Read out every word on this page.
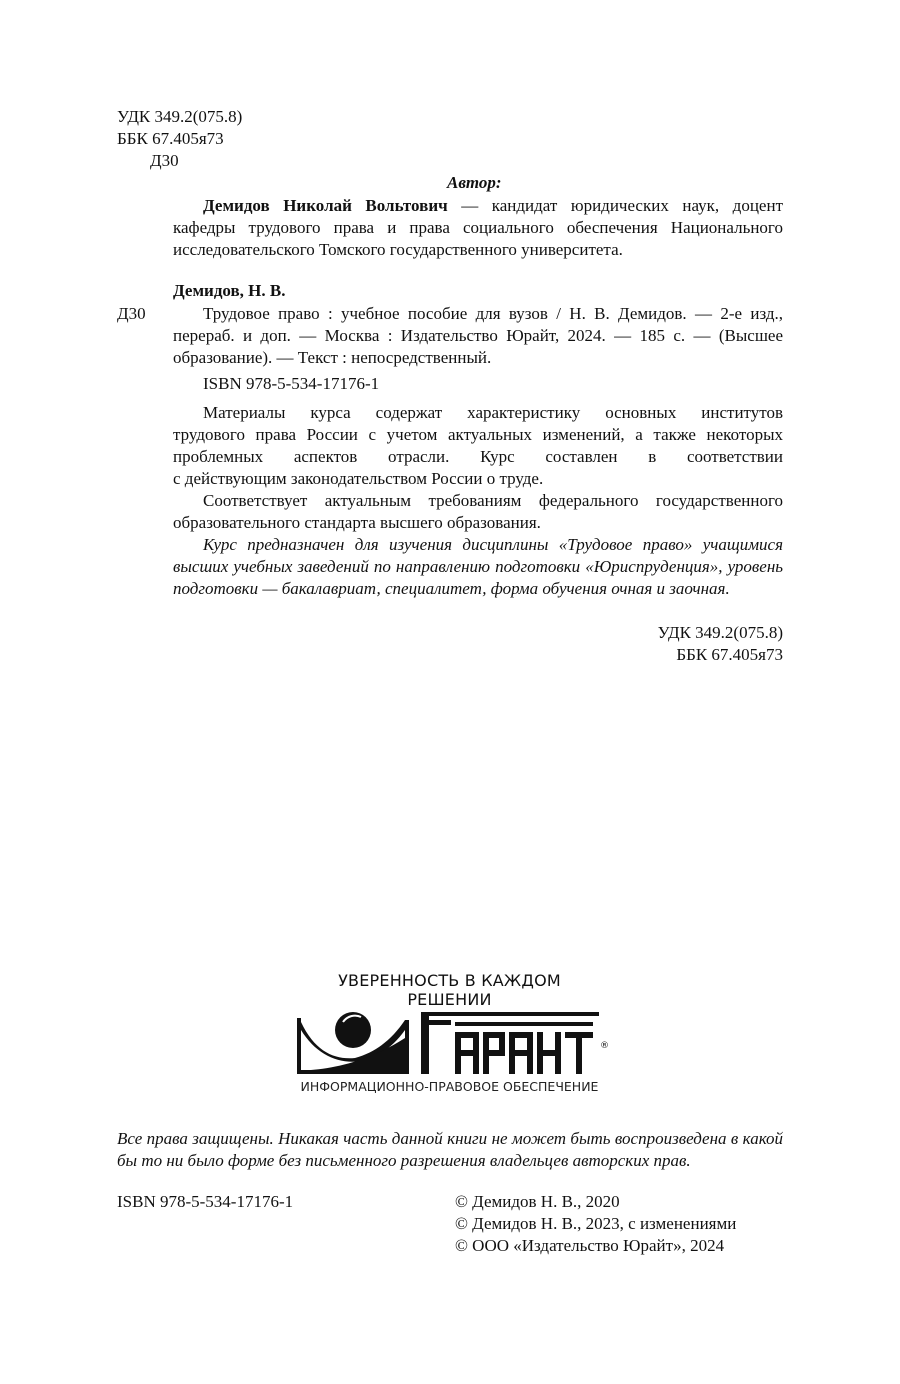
УДК 349.2(075.8)
ББК 67.405я73
Д30
Автор:
Демидов Николай Вольтович — кандидат юридических наук, доцент кафедры трудового права и права социального обеспечения Национального исследовательского Томского государственного университета.
Демидов, Н. В.
Д30	Трудовое право : учебное пособие для вузов / Н. В. Демидов. — 2-е изд., перераб. и доп. — Москва : Издательство Юрайт, 2024. — 185 с. — (Высшее образование). — Текст : непосредственный.
ISBN 978-5-534-17176-1
Материалы курса содержат характеристику основных институтов
трудового права России с учетом актуальных изменений, а также некоторых
проблемных аспектов отрасли. Курс составлен в соответствии
с действующим законодательством России о труде.
Соответствует актуальным требованиям федерального государственного образовательного стандарта высшего образования.
Курс предназначен для изучения дисциплины «Трудовое право» учащимися высших учебных заведений по направлению подготовки «Юриспруденция», уровень подготовки — бакалавриат, специалитет, форма обучения очная и заочная.
УДК 349.2(075.8)
ББК 67.405я73
УВЕРЕННОСТЬ В КАЖДОМ РЕШЕНИИ
®
ИНФОРМАЦИОННО-ПРАВОВОЕ ОБЕСПЕЧЕНИЕ
Все права защищены. Никакая часть данной книги не может быть воспроизведена в какой бы то ни было форме без письменного разрешения владельцев авторских прав.
ISBN 978-5-534-17176-1	© Демидов Н. В., 2020
© Демидов Н. В., 2023, с изменениями
© ООО «Издательство Юрайт», 2024
